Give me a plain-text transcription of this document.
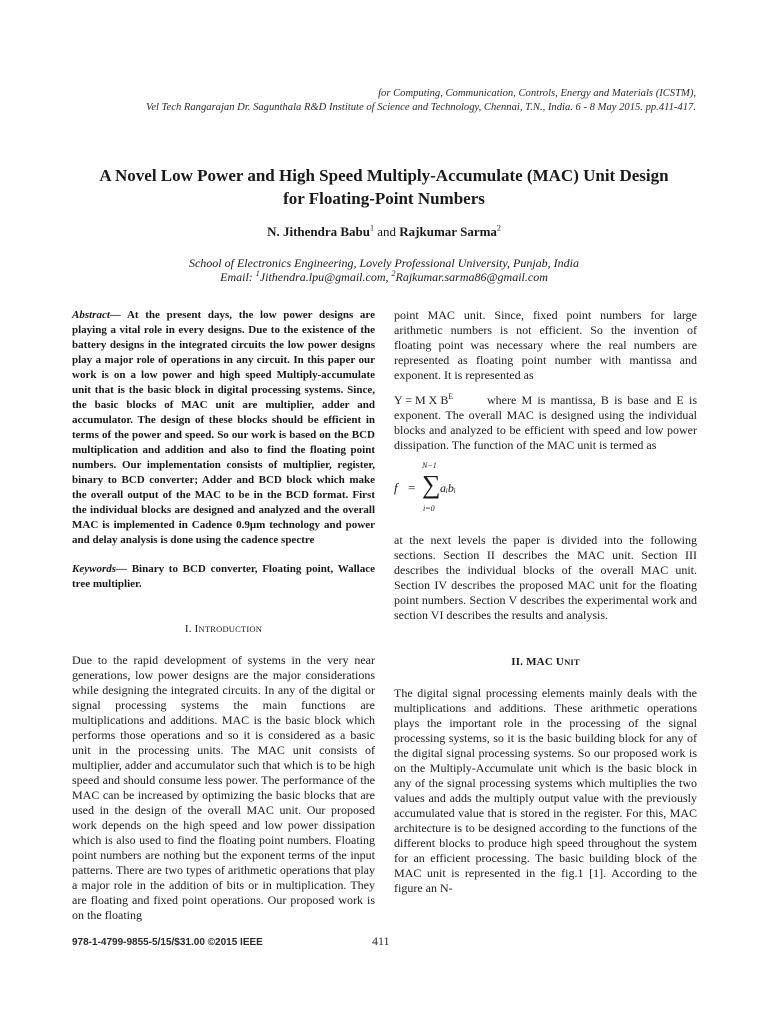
for Computing, Communication, Controls, Energy and Materials (ICSTM),
Vel Tech Rangarajan Dr. Sagunthala R&D Institute of Science and Technology, Chennai, T.N., India. 6 - 8 May 2015. pp.411-417.
A Novel Low Power and High Speed Multiply-Accumulate (MAC) Unit Design
for Floating-Point Numbers
N. Jithendra Babu$^1$ and Rajkumar Sarma$^2$
School of Electronics Engineering, Lovely Professional University, Punjab, India
Email: $^1$Jithendra.lpu@gmail.com, $^2$Rajkumar.sarma86@gmail.com

Abstract— At the present days, the low power designs are playing a vital role in every designs. Due to the existence of the battery designs in the integrated circuits the low power designs play a major role of operations in any circuit. In this paper our work is on a low power and high speed Multiply-accumulate unit that is the basic block in digital processing systems. Since, the basic blocks of MAC unit are multiplier, adder and accumulator. The design of these blocks should be efficient in terms of the power and speed. So our work is based on the BCD multiplication and addition and also to find the floating point numbers. Our implementation consists of multiplier, register, binary to BCD converter; Adder and BCD block which make the overall output of the MAC to be in the BCD format. First the individual blocks are designed and analyzed and the overall MAC is implemented in Cadence 0.9μm technology and power and delay analysis is done using the cadence spectre

Keywords— Binary to BCD converter, Floating point, Wallace tree multiplier.

I. INTRODUCTION

Due to the rapid development of systems in the very near generations, low power designs are the major considerations while designing the integrated circuits. In any of the digital or signal processing systems the main functions are multiplications and additions. MAC is the basic block which performs those operations and so it is considered as a basic unit in the processing units. The MAC unit consists of multiplier, adder and accumulator such that which is to be high speed and should consume less power. The performance of the MAC can be increased by optimizing the basic blocks that are used in the design of the overall MAC unit. Our proposed work depends on the high speed and low power dissipation which is also used to find the floating point numbers. Floating point numbers are nothing but the exponent terms of the input patterns. There are two types of arithmetic operations that play a major role in the addition of bits or in multiplication. They are floating and fixed point operations. Our proposed work is on the floating

point MAC unit. Since, fixed point numbers for large arithmetic numbers is not efficient. So the invention of floating point was necessary where the real numbers are represented as floating point number with mantissa and exponent. It is represented as

Y = M X $B^E$	where M is mantissa, B is base and E is exponent. The overall MAC is designed using the individual blocks and analyzed to be efficient with speed and low power dissipation. The function of the MAC unit is termed as

f =
N−1
∑
i=0
aᵢbᵢ

at the next levels the paper is divided into the following sections. Section II describes the MAC unit. Section III describes the individual blocks of the overall MAC unit. Section IV describes the proposed MAC unit for the floating point numbers. Section V describes the experimental work and section VI describes the results and analysis.

II. MAC UNIT

The digital signal processing elements mainly deals with the multiplications and additions. These arithmetic operations plays the important role in the processing of the signal processing systems, so it is the basic building block for any of the digital signal processing systems. So our proposed work is on the Multiply-Accumulate unit which is the basic block in any of the signal processing systems which multiplies the two values and adds the multiply output value with the previously accumulated value that is stored in the register. For this, MAC architecture is to be designed according to the functions of the different blocks to produce high speed throughout the system for an efficient processing. The basic building block of the MAC unit is represented in the fig.1 [1]. According to the figure an N-

978-1-4799-9855-5/15/$31.00 ©2015 IEEE	411
